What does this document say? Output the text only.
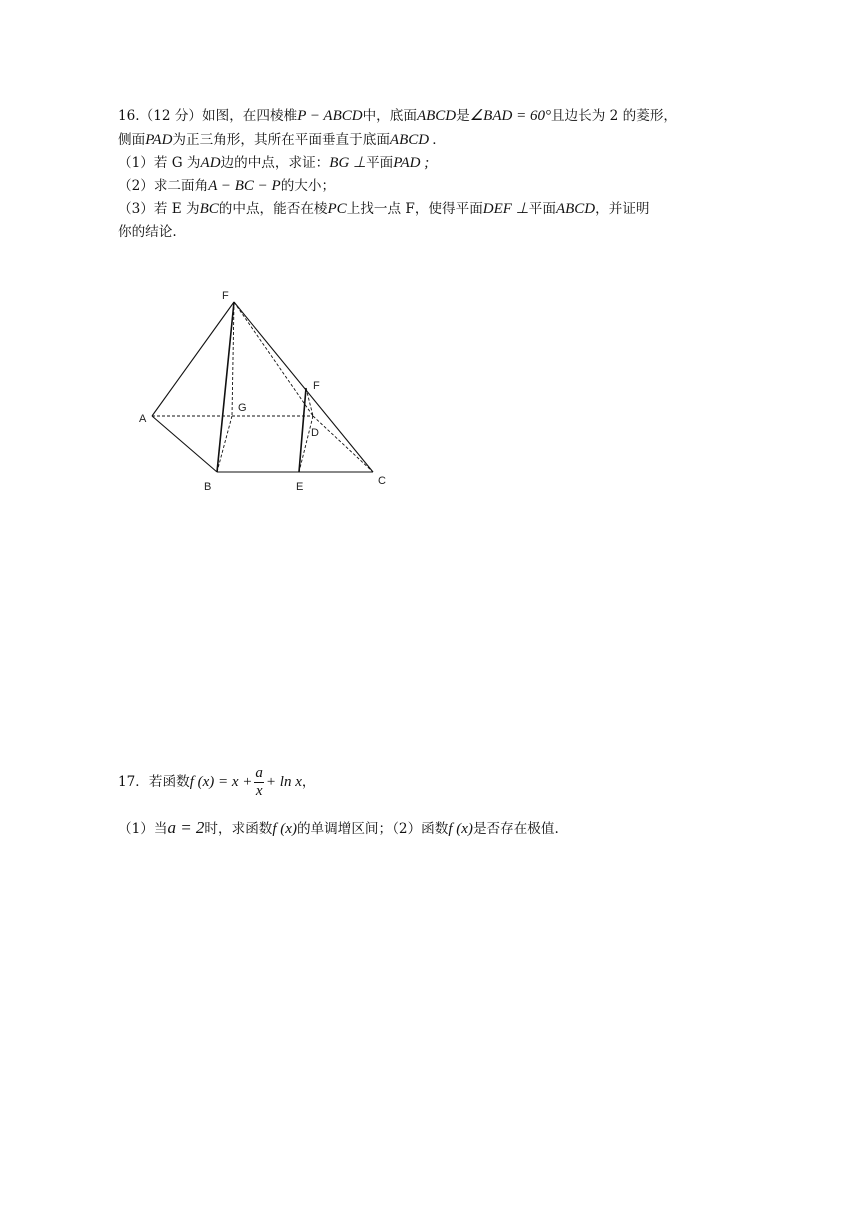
16.（12 分）如图，在四棱椎P − ABCD中，底面ABCD是∠BAD = 60°且边长为 2 的菱形，
侧面PAD为正三角形，其所在平面垂直于底面ABCD .
（1）若 G 为AD边的中点，求证：BG ⊥平面PAD ;
（2）求二面角A − BC − P的大小；
（3）若 E 为BC的中点，能否在棱PC上找一点 F，使得平面DEF ⊥平面ABCD，并证明
你的结论.
F
A
B	C
D
E
F
G
17．若函数f $(x) = x + \frac{a}{x} + \ln x$，
（1）当a = 2时，求函数f (x)的单调增区间；（2）函数f (x)是否存在极值.
